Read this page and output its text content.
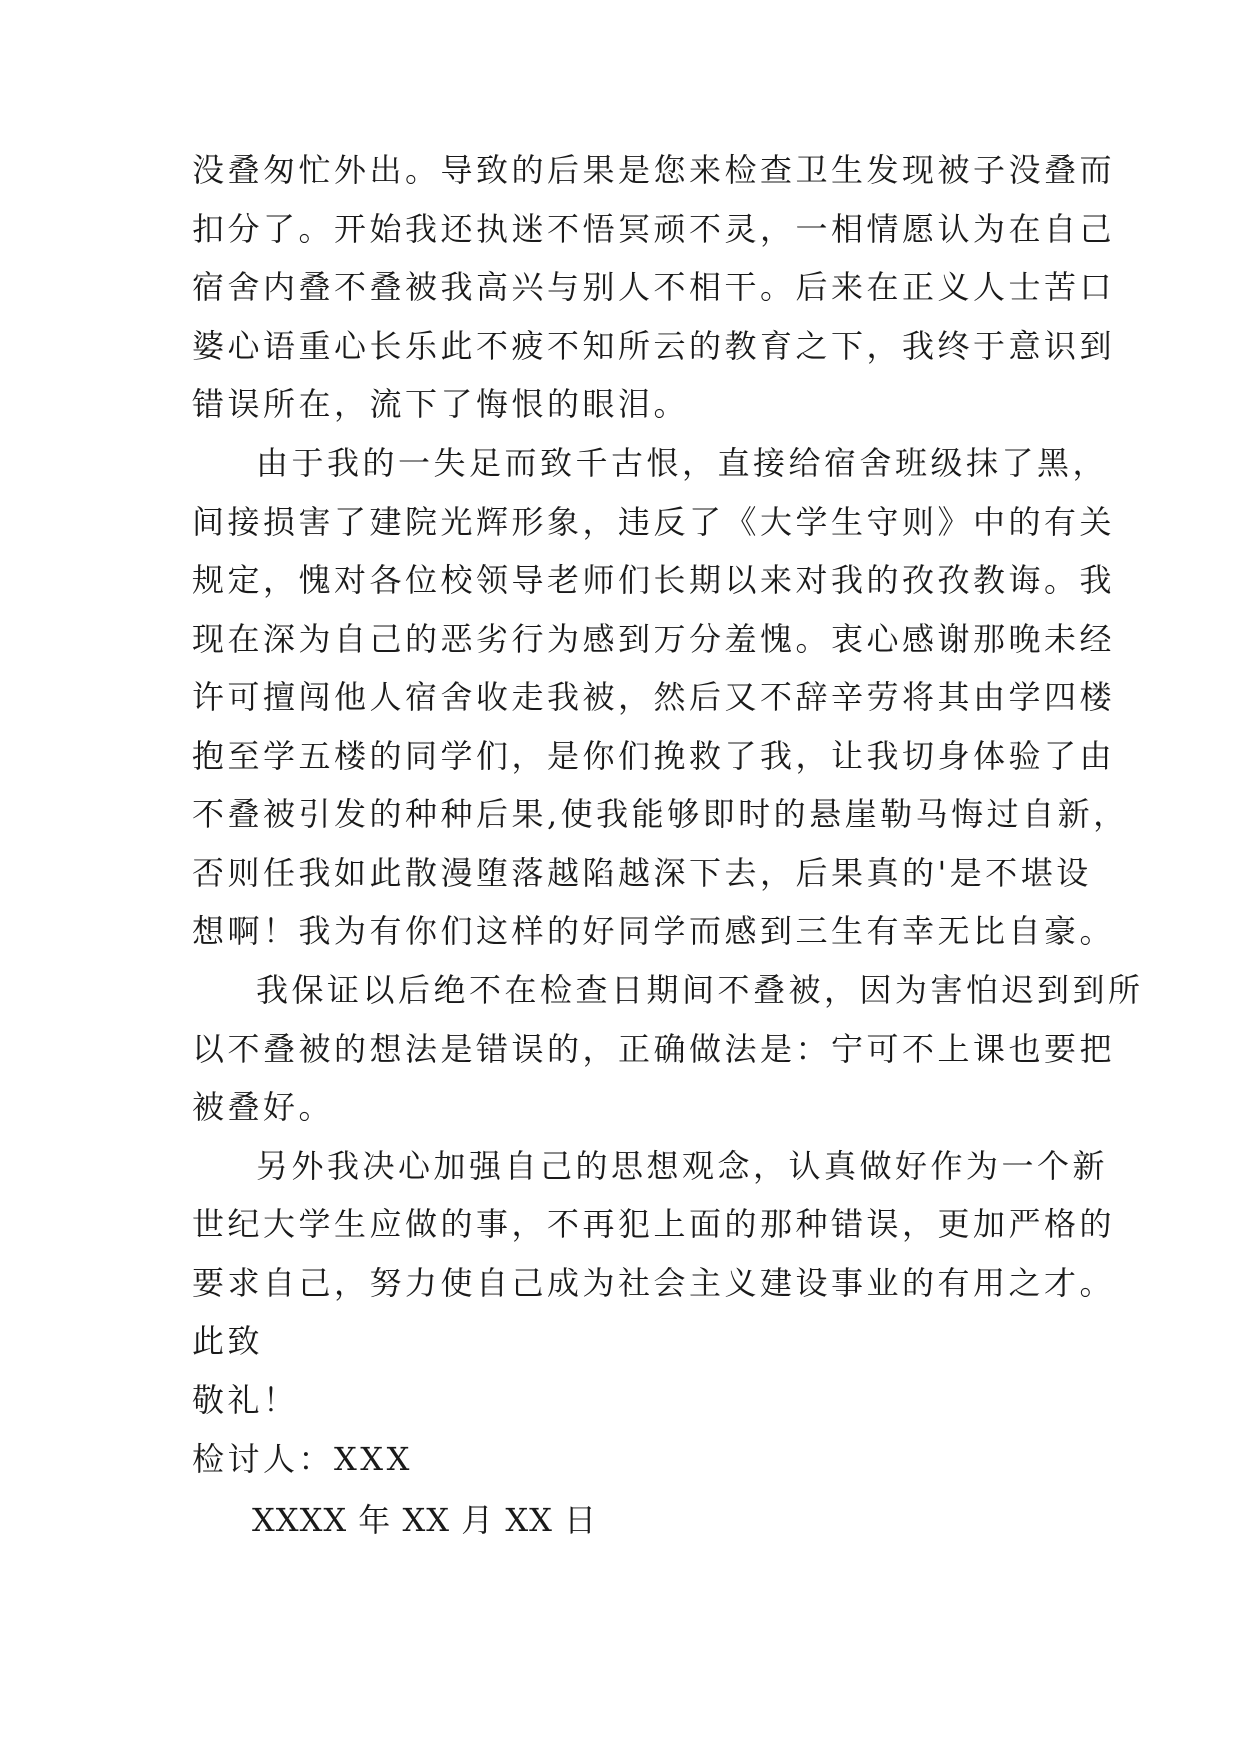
没叠匆忙外出。导致的后果是您来检查卫生发现被子没叠而
扣分了。开始我还执迷不悟冥顽不灵，一相情愿认为在自己
宿舍内叠不叠被我高兴与别人不相干。后来在正义人士苦口
婆心语重心长乐此不疲不知所云的教育之下，我终于意识到
错误所在，流下了悔恨的眼泪。
由于我的一失足而致千古恨，直接给宿舍班级抹了黑，
间接损害了建院光辉形象，违反了《大学生守则》中的有关
规定，愧对各位校领导老师们长期以来对我的孜孜教诲。我
现在深为自己的恶劣行为感到万分羞愧。衷心感谢那晚未经
许可擅闯他人宿舍收走我被，然后又不辞辛劳将其由学四楼
抱至学五楼的同学们，是你们挽救了我，让我切身体验了由
不叠被引发的种种后果,使我能够即时的悬崖勒马悔过自新，
否则任我如此散漫堕落越陷越深下去，后果真的'是不堪设
想啊！我为有你们这样的好同学而感到三生有幸无比自豪。
我保证以后绝不在检查日期间不叠被，因为害怕迟到到所
以不叠被的想法是错误的，正确做法是：宁可不上课也要把
被叠好。
另外我决心加强自己的思想观念，认真做好作为一个新
世纪大学生应做的事，不再犯上面的那种错误，更加严格的
要求自己，努力使自己成为社会主义建设事业的有用之才。
此致
敬礼！
检讨人：XXX
XXXX 年 XX 月 XX 日
